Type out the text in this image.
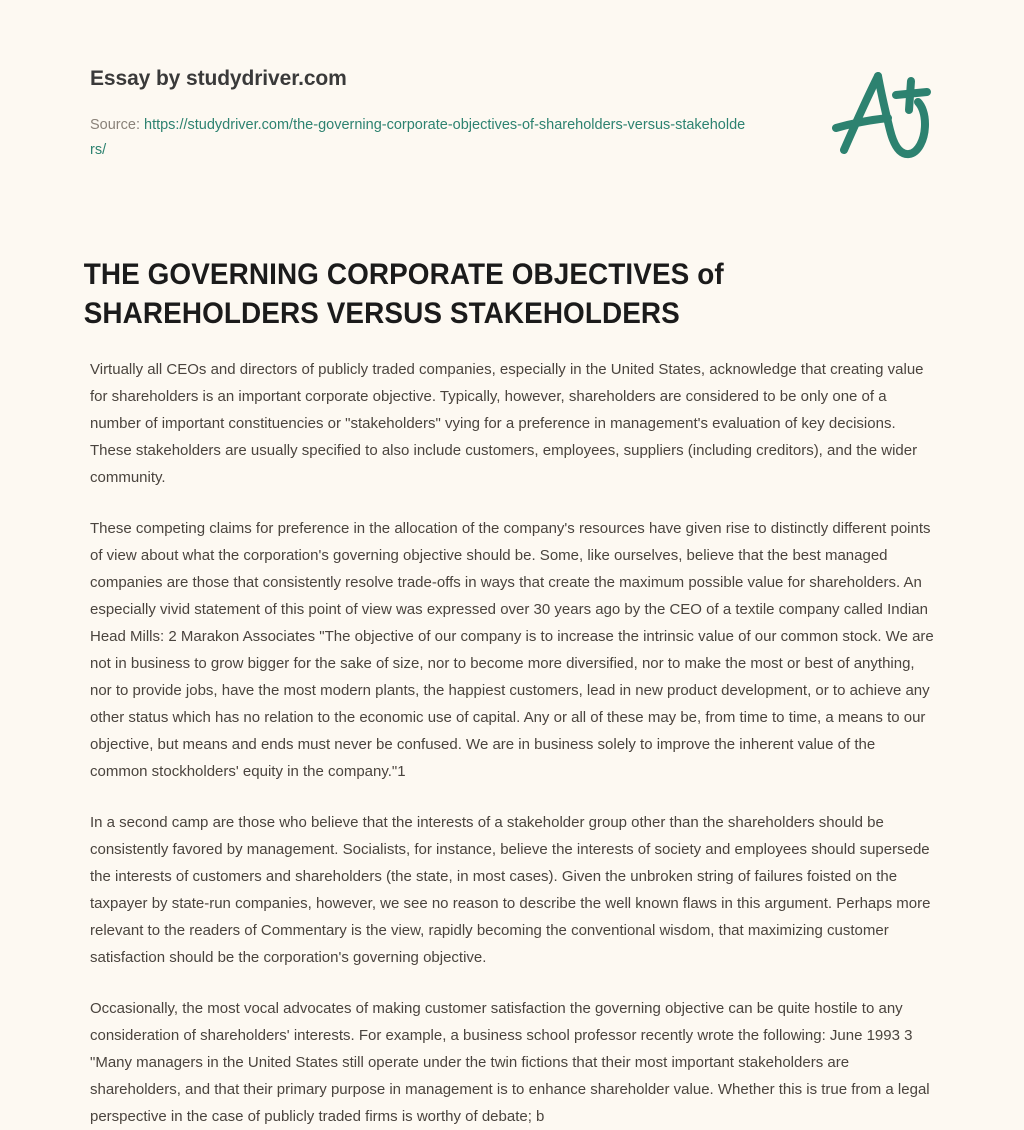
Essay by studydriver.com
Source: https://studydriver.com/the-governing-corporate-objectives-of-shareholders-versus-stakeholders/
THE GOVERNING CORPORATE OBJECTIVES of SHAREHOLDERS VERSUS STAKEHOLDERS

Virtually all CEOs and directors of publicly traded companies, especially in the United States, acknowledge that creating value for shareholders is an important corporate objective. Typically, however, shareholders are considered to be only one of a number of important constituencies or "stakeholders" vying for a preference in management's evaluation of key decisions. These stakeholders are usually specified to also include customers, employees, suppliers (including creditors), and the wider community.

These competing claims for preference in the allocation of the company's resources have given rise to distinctly different points of view about what the corporation's governing objective should be. Some, like ourselves, believe that the best managed companies are those that consistently resolve trade-offs in ways that create the maximum possible value for shareholders. An especially vivid statement of this point of view was expressed over 30 years ago by the CEO of a textile company called Indian Head Mills: 2 Marakon Associates "The objective of our company is to increase the intrinsic value of our common stock. We are not in business to grow bigger for the sake of size, nor to become more diversified, nor to make the most or best of anything, nor to provide jobs, have the most modern plants, the happiest customers, lead in new product development, or to achieve any other status which has no relation to the economic use of capital. Any or all of these may be, from time to time, a means to our objective, but means and ends must never be confused. We are in business solely to improve the inherent value of the common stockholders' equity in the company."1

In a second camp are those who believe that the interests of a stakeholder group other than the shareholders should be consistently favored by management. Socialists, for instance, believe the interests of society and employees should supersede the interests of customers and shareholders (the state, in most cases). Given the unbroken string of failures foisted on the taxpayer by state-run companies, however, we see no reason to describe the well known flaws in this argument. Perhaps more relevant to the readers of Commentary is the view, rapidly becoming the conventional wisdom, that maximizing customer satisfaction should be the corporation's governing objective.

Occasionally, the most vocal advocates of making customer satisfaction the governing objective can be quite hostile to any consideration of shareholders' interests. For example, a business school professor recently wrote the following: June 1993 3 "Many managers in the United States still operate under the twin fictions that their most important stakeholders are shareholders, and that their primary purpose in management is to enhance shareholder value. Whether this is true from a legal perspective in the case of publicly traded firms is worthy of debate; b
